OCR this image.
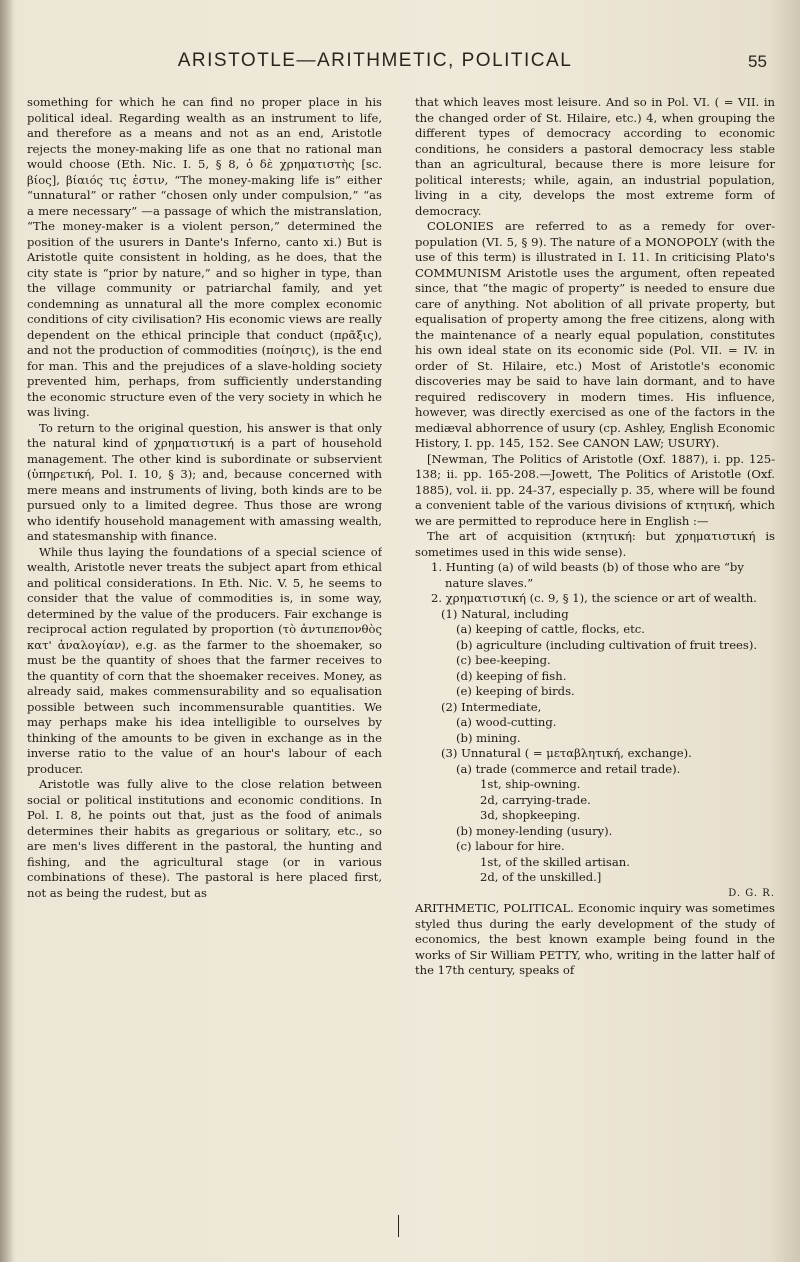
ARISTOTLE—ARITHMETIC, POLITICAL	55

something for which he can find no proper place in his political ideal. Regarding wealth as an instrument to life, and therefore as a means and not as an end, Aristotle rejects the money-making life as one that no rational man would choose (Eth. Nic. I. 5, § 8, ὁ δὲ χρηματιστὴς [sc. βίος], βίαιός τις ἐστιν, “The money-making life is” either “unnatural” or rather “chosen only under compulsion,” “as a mere necessary” —a passage of which the mistranslation, “The money-maker is a violent person,” determined the position of the usurers in Dante's Inferno, canto xi.) But is Aristotle quite consistent in holding, as he does, that the city state is “prior by nature,” and so higher in type, than the village community or patriarchal family, and yet condemning as unnatural all the more complex economic conditions of city civilisation? His economic views are really dependent on the ethical principle that conduct (πρᾶξις), and not the production of commodities (ποίησις), is the end for man. This and the prejudices of a slave-holding society prevented him, perhaps, from sufficiently understanding the economic structure even of the very society in which he was living.

To return to the original question, his answer is that only the natural kind of χρηματιστική is a part of household management. The other kind is subordinate or subservient (ὑπηρετική, Pol. I. 10, § 3); and, because concerned with mere means and instruments of living, both kinds are to be pursued only to a limited degree. Thus those are wrong who identify household management with amassing wealth, and statesmanship with finance.

While thus laying the foundations of a special science of wealth, Aristotle never treats the subject apart from ethical and political considerations. In Eth. Nic. V. 5, he seems to consider that the value of commodities is, in some way, determined by the value of the producers. Fair exchange is reciprocal action regulated by proportion (τὸ ἀντιπεπονθὸς κατ' ἀναλογίαν), e.g. as the farmer to the shoemaker, so must be the quantity of shoes that the farmer receives to the quantity of corn that the shoemaker receives. Money, as already said, makes commensurability and so equalisation possible between such incommensurable quantities. We may perhaps make his idea intelligible to ourselves by thinking of the amounts to be given in exchange as in the inverse ratio to the value of an hour's labour of each producer.

Aristotle was fully alive to the close relation between social or political institutions and economic conditions. In Pol. I. 8, he points out that, just as the food of animals determines their habits as gregarious or solitary, etc., so are men's lives different in the pastoral, the hunting and fishing, and the agricultural stage (or in various combinations of these). The pastoral is here placed first, not as being the rudest, but as

that which leaves most leisure. And so in Pol. VI. ( = VII. in the changed order of St. Hilaire, etc.) 4, when grouping the different types of democracy according to economic conditions, he considers a pastoral democracy less stable than an agricultural, because there is more leisure for political interests; while, again, an industrial population, living in a city, develops the most extreme form of democracy.

COLONIES are referred to as a remedy for over-population (VI. 5, § 9). The nature of a MONOPOLY (with the use of this term) is illustrated in I. 11. In criticising Plato's COMMUNISM Aristotle uses the argument, often repeated since, that “the magic of property” is needed to ensure due care of anything. Not abolition of all private property, but equalisation of property among the free citizens, along with the maintenance of a nearly equal population, constitutes his own ideal state on its economic side (Pol. VII. = IV. in order of St. Hilaire, etc.) Most of Aristotle's economic discoveries may be said to have lain dormant, and to have required rediscovery in modern times. His influence, however, was directly exercised as one of the factors in the mediæval abhorrence of usury (cp. Ashley, English Economic History, I. pp. 145, 152. See CANON LAW; USURY).

[Newman, The Politics of Aristotle (Oxf. 1887), i. pp. 125-138; ii. pp. 165-208.—Jowett, The Politics of Aristotle (Oxf. 1885), vol. ii. pp. 24-37, especially p. 35, where will be found a convenient table of the various divisions of κτητική, which we are permitted to reproduce here in English :—

The art of acquisition (κτητική: but χρηματιστική is sometimes used in this wide sense).

1. Hunting (a) of wild beasts (b) of those who are “by nature slaves.”
2. χρηματιστική (c. 9, § 1), the science or art of wealth.
(1) Natural, including
(a) keeping of cattle, flocks, etc.
(b) agriculture (including cultivation of fruit trees).
(c) bee-keeping.
(d) keeping of fish.
(e) keeping of birds.
(2) Intermediate,
(a) wood-cutting.
(b) mining.
(3) Unnatural ( = μεταβλητική, exchange).
(a) trade (commerce and retail trade).
1st, ship-owning.
2d, carrying-trade.
3d, shopkeeping.
(b) money-lending (usury).
(c) labour for hire.
1st, of the skilled artisan.
2d, of the unskilled.]
D. G. R.

ARITHMETIC, POLITICAL. Economic inquiry was sometimes styled thus during the early development of the study of economics, the best known example being found in the works of Sir William PETTY, who, writing in the latter half of the 17th century, speaks of
